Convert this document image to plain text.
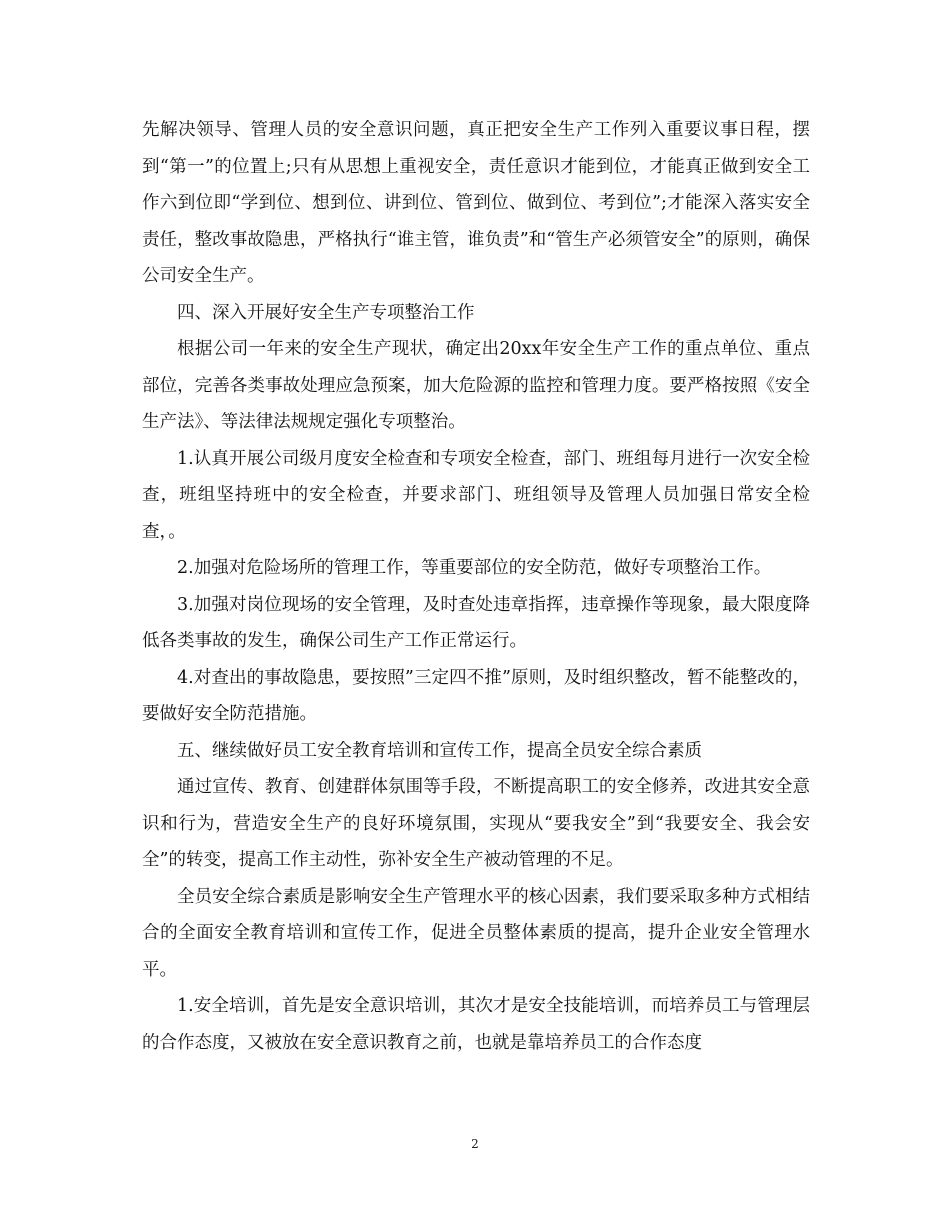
先解决领导、管理人员的安全意识问题，真正把安全生产工作列入重要议事日程，摆到“第一”的位置上;只有从思想上重视安全，责任意识才能到位，才能真正做到安全工作六到位即“学到位、想到位、讲到位、管到位、做到位、考到位”;才能深入落实安全责任，整改事故隐患，严格执行“谁主管，谁负责”和“管生产必须管安全”的原则，确保公司安全生产。

四、深入开展好安全生产专项整治工作

根据公司一年来的安全生产现状，确定出20xx年安全生产工作的重点单位、重点部位，完善各类事故处理应急预案，加大危险源的监控和管理力度。要严格按照《安全生产法》、等法律法规规定强化专项整治。

1.认真开展公司级月度安全检查和专项安全检查，部门、班组每月进行一次安全检查，班组坚持班中的安全检查，并要求部门、班组领导及管理人员加强日常安全检查，。

2.加强对危险场所的管理工作，等重要部位的安全防范，做好专项整治工作。

3.加强对岗位现场的安全管理，及时查处违章指挥，违章操作等现象，最大限度降低各类事故的发生，确保公司生产工作正常运行。

4.对查出的事故隐患，要按照”三定四不推”原则，及时组织整改，暂不能整改的，要做好安全防范措施。

五、继续做好员工安全教育培训和宣传工作，提高全员安全综合素质

通过宣传、教育、创建群体氛围等手段，不断提高职工的安全修养，改进其安全意识和行为，营造安全生产的良好环境氛围，实现从“要我安全”到“我要安全、我会安全”的转变，提高工作主动性，弥补安全生产被动管理的不足。

全员安全综合素质是影响安全生产管理水平的核心因素，我们要采取多种方式相结合的全面安全教育培训和宣传工作，促进全员整体素质的提高，提升企业安全管理水平。

1.安全培训，首先是安全意识培训，其次才是安全技能培训，而培养员工与管理层的合作态度，又被放在安全意识教育之前，也就是靠培养员工的合作态度

2
